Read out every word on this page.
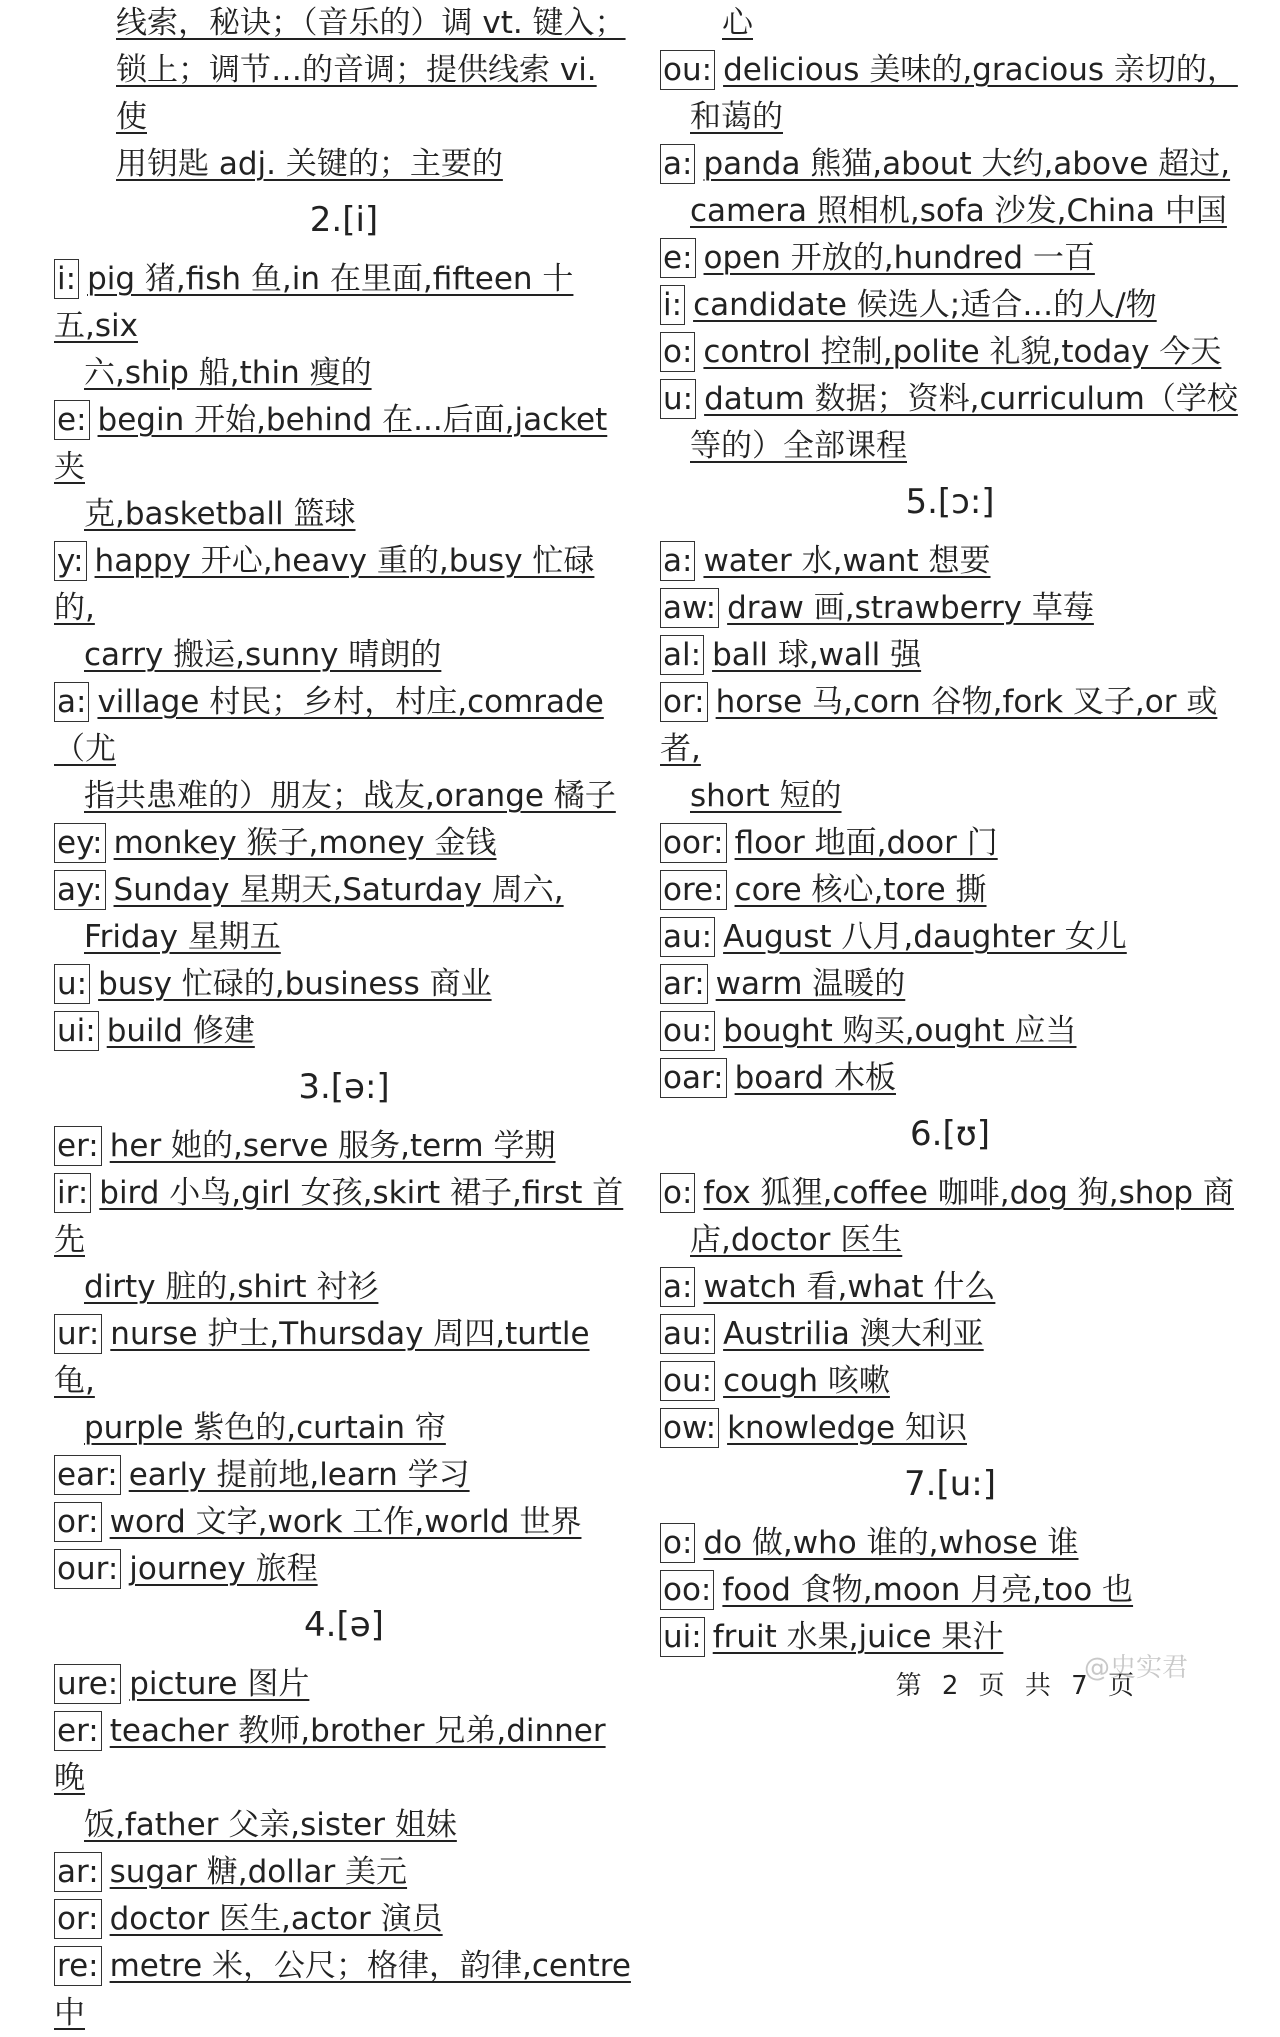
线索，秘诀；（音乐的）调 vt. 键入；
锁上；调节…的音调；提供线索 vi. 使
用钥匙 adj. 关键的；主要的
2.[i]
i: pig 猪,fish 鱼,in 在里面,fifteen 十五,six
六,ship 船,thin 瘦的
e: begin 开始,behind 在...后面,jacket 夹
克,basketball 篮球
y: happy 开心,heavy 重的,busy 忙碌的,
carry 搬运,sunny 晴朗的
a: village 村民；乡村，村庄,comrade（尤
指共患难的）朋友；战友,orange 橘子
ey: monkey 猴子,money 金钱
ay: Sunday 星期天,Saturday 周六,
Friday 星期五
u: busy 忙碌的,business 商业
ui: build 修建
3.[ə:]
er: her 她的,serve 服务,term 学期
ir: bird 小鸟,girl 女孩,skirt 裙子,first 首先
dirty 脏的,shirt 衬衫
ur: nurse 护士,Thursday 周四,turtle 龟,
purple 紫色的,curtain 帘
ear: early 提前地,learn 学习
or: word 文字,work 工作,world 世界
our: journey 旅程
4.[ə]
ure: picture 图片
er: teacher 教师,brother 兄弟,dinner 晚
饭,father 父亲,sister 姐妹
ar: sugar 糖,dollar 美元
or: doctor 医生,actor 演员
re: metre 米，公尺；格律，韵律,centre 中
心
ou: delicious 美味的,gracious 亲切的，
和蔼的
a: panda 熊猫,about 大约,above 超过,
camera 照相机,sofa 沙发,China 中国
e: open 开放的,hundred 一百
i: candidate 候选人;适合…的人/物
o: control 控制,polite 礼貌,today 今天
u: datum 数据；资料,curriculum（学校
等的）全部课程
5.[ɔ:]
a: water 水,want 想要
aw: draw 画,strawberry 草莓
al: ball 球,wall 强
or: horse 马,corn 谷物,fork 叉子,or 或者,
short 短的
oor: floor 地面,door 门
ore: core 核心,tore 撕
au: August 八月,daughter 女儿
ar: warm 温暖的
ou: bought 购买,ought 应当
oar: board 木板
6.[ʊ]
o: fox 狐狸,coffee 咖啡,dog 狗,shop 商
店,doctor 医生
a: watch 看,what 什么
au: Austrilia 澳大利亚
ou: cough 咳嗽
ow: knowledge 知识
7.[u:]
o: do 做,who 谁的,whose 谁
oo: food 食物,moon 月亮,too 也
ui: fruit 水果,juice 果汁
@史实君
第 2 页 共 7 页
